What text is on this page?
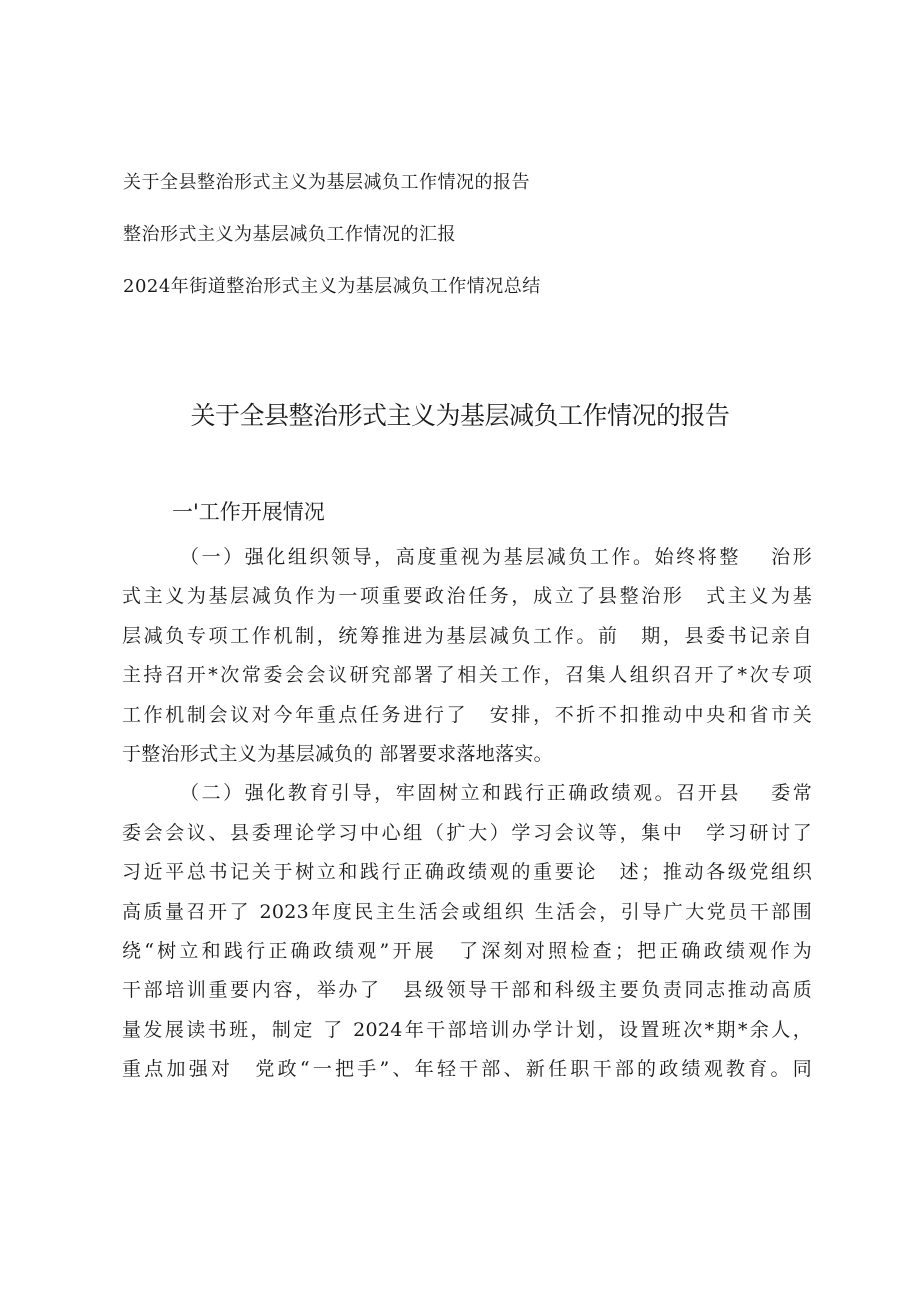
关于全县整治形式主义为基层减负工作情况的报告
整治形式主义为基层减负工作情况的汇报
2024年街道整治形式主义为基层减负工作情况总结
关于全县整治形式主义为基层减负工作情况的报告
一'工作开展情况
（一）强化组织领导，高度重视为基层减负工作。始终将整　 治形
式主义为基层减负作为一项重要政治任务，成立了县整治形　式主义为基
层减负专项工作机制，统筹推进为基层减负工作。前　期，县委书记亲自
主持召开*次常委会会议研究部署了相关工作，召集人组织召开了*次专项
工作机制会议对今年重点任务进行了　安排，不折不扣推动中央和省市关
于整治形式主义为基层减负的 部署要求落地落实。
（二）强化教育引导，牢固树立和践行正确政绩观。召开县　 委常
委会会议、县委理论学习中心组（扩大）学习会议等，集中　学习研讨了
习近平总书记关于树立和践行正确政绩观的重要论　述；推动各级党组织
高质量召开了 2023年度民主生活会或组织 生活会，引导广大党员干部围
绕“树立和践行正确政绩观”开展　了深刻对照检查；把正确政绩观作为
干部培训重要内容，举办了　县级领导干部和科级主要负责同志推动高质
量发展读书班，制定 了 2024年干部培训办学计划，设置班次*期*余人，
重点加强对　党政“一把手”、年轻干部、新任职干部的政绩观教育。同
